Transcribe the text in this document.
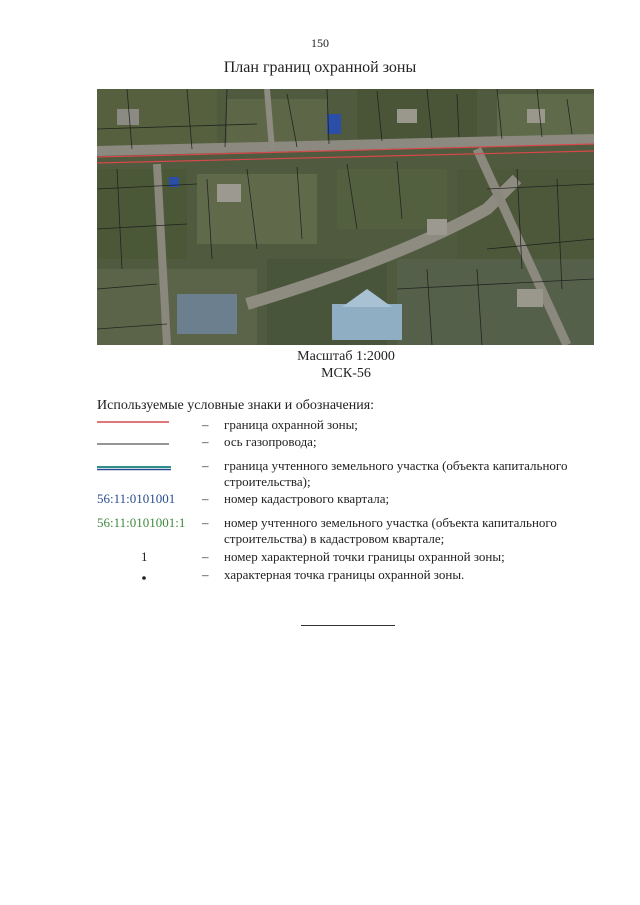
150
План границ охранной зоны
Масштаб 1:2000
МСК-56
Используемые условные знаки и обозначения:
– граница охранной зоны;
– ось газопровода;
– граница учтенного земельного участка (объекта капитального строительства);
56:11:0101001	– номер кадастрового квартала;
56:11:0101001:1	– номер учтенного земельного участка (объекта капитального строительства) в кадастровом квартале;
1	– номер характерной точки границы охранной зоны;
– характерная точка границы охранной зоны.
